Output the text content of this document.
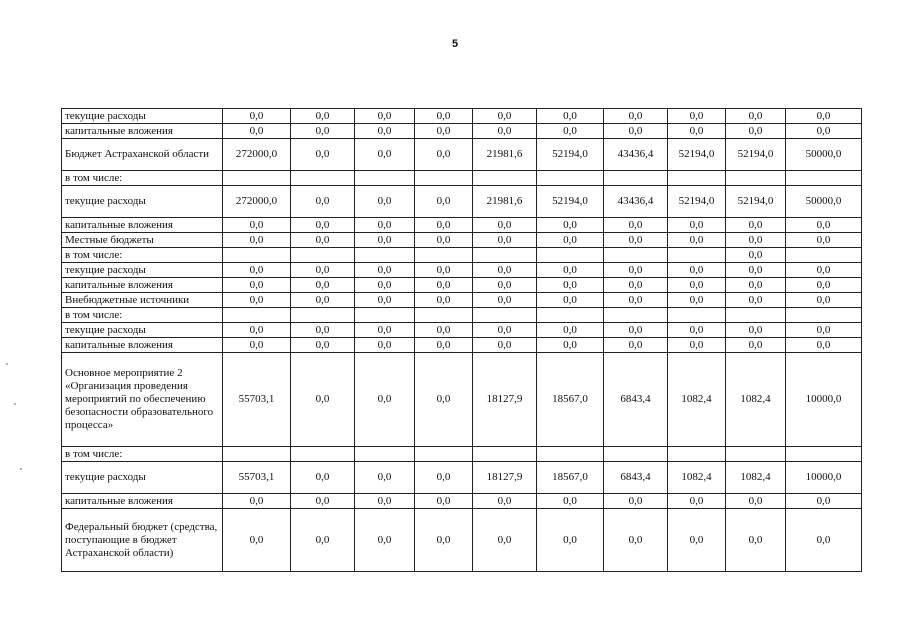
5
текущие расходы	0,0	0,0	0,0	0,0	0,0	0,0	0,0	0,0	0,0	0,0
капитальные вложения	0,0	0,0	0,0	0,0	0,0	0,0	0,0	0,0	0,0	0,0
Бюджет Астраханской области	272000,0	0,0	0,0	0,0	21981,6	52194,0	43436,4	52194,0	52194,0	50000,0
в том числе:										
текущие расходы	272000,0	0,0	0,0	0,0	21981,6	52194,0	43436,4	52194,0	52194,0	50000,0
капитальные вложения	0,0	0,0	0,0	0,0	0,0	0,0	0,0	0,0	0,0	0,0
Местные бюджеты	0,0	0,0	0,0	0,0	0,0	0,0	0,0	0,0	0,0	0,0
в том числе:									0,0	
текущие расходы	0,0	0,0	0,0	0,0	0,0	0,0	0,0	0,0	0,0	0,0
капитальные вложения	0,0	0,0	0,0	0,0	0,0	0,0	0,0	0,0	0,0	0,0
Внебюджетные источники	0,0	0,0	0,0	0,0	0,0	0,0	0,0	0,0	0,0	0,0
в том числе:										
текущие расходы	0,0	0,0	0,0	0,0	0,0	0,0	0,0	0,0	0,0	0,0
капитальные вложения	0,0	0,0	0,0	0,0	0,0	0,0	0,0	0,0	0,0	0,0
Основное мероприятие 2 «Организация проведения мероприятий по обеспечению безопасности образовательного процесса»	55703,1	0,0	0,0	0,0	18127,9	18567,0	6843,4	1082,4	1082,4	10000,0
в том числе:										
текущие расходы	55703,1	0,0	0,0	0,0	18127,9	18567,0	6843,4	1082,4	1082,4	10000,0
капитальные вложения	0,0	0,0	0,0	0,0	0,0	0,0	0,0	0,0	0,0	0,0
Федеральный бюджет (средства, поступающие в бюджет Астраханской области)	0,0	0,0	0,0	0,0	0,0	0,0	0,0	0,0	0,0	0,0
